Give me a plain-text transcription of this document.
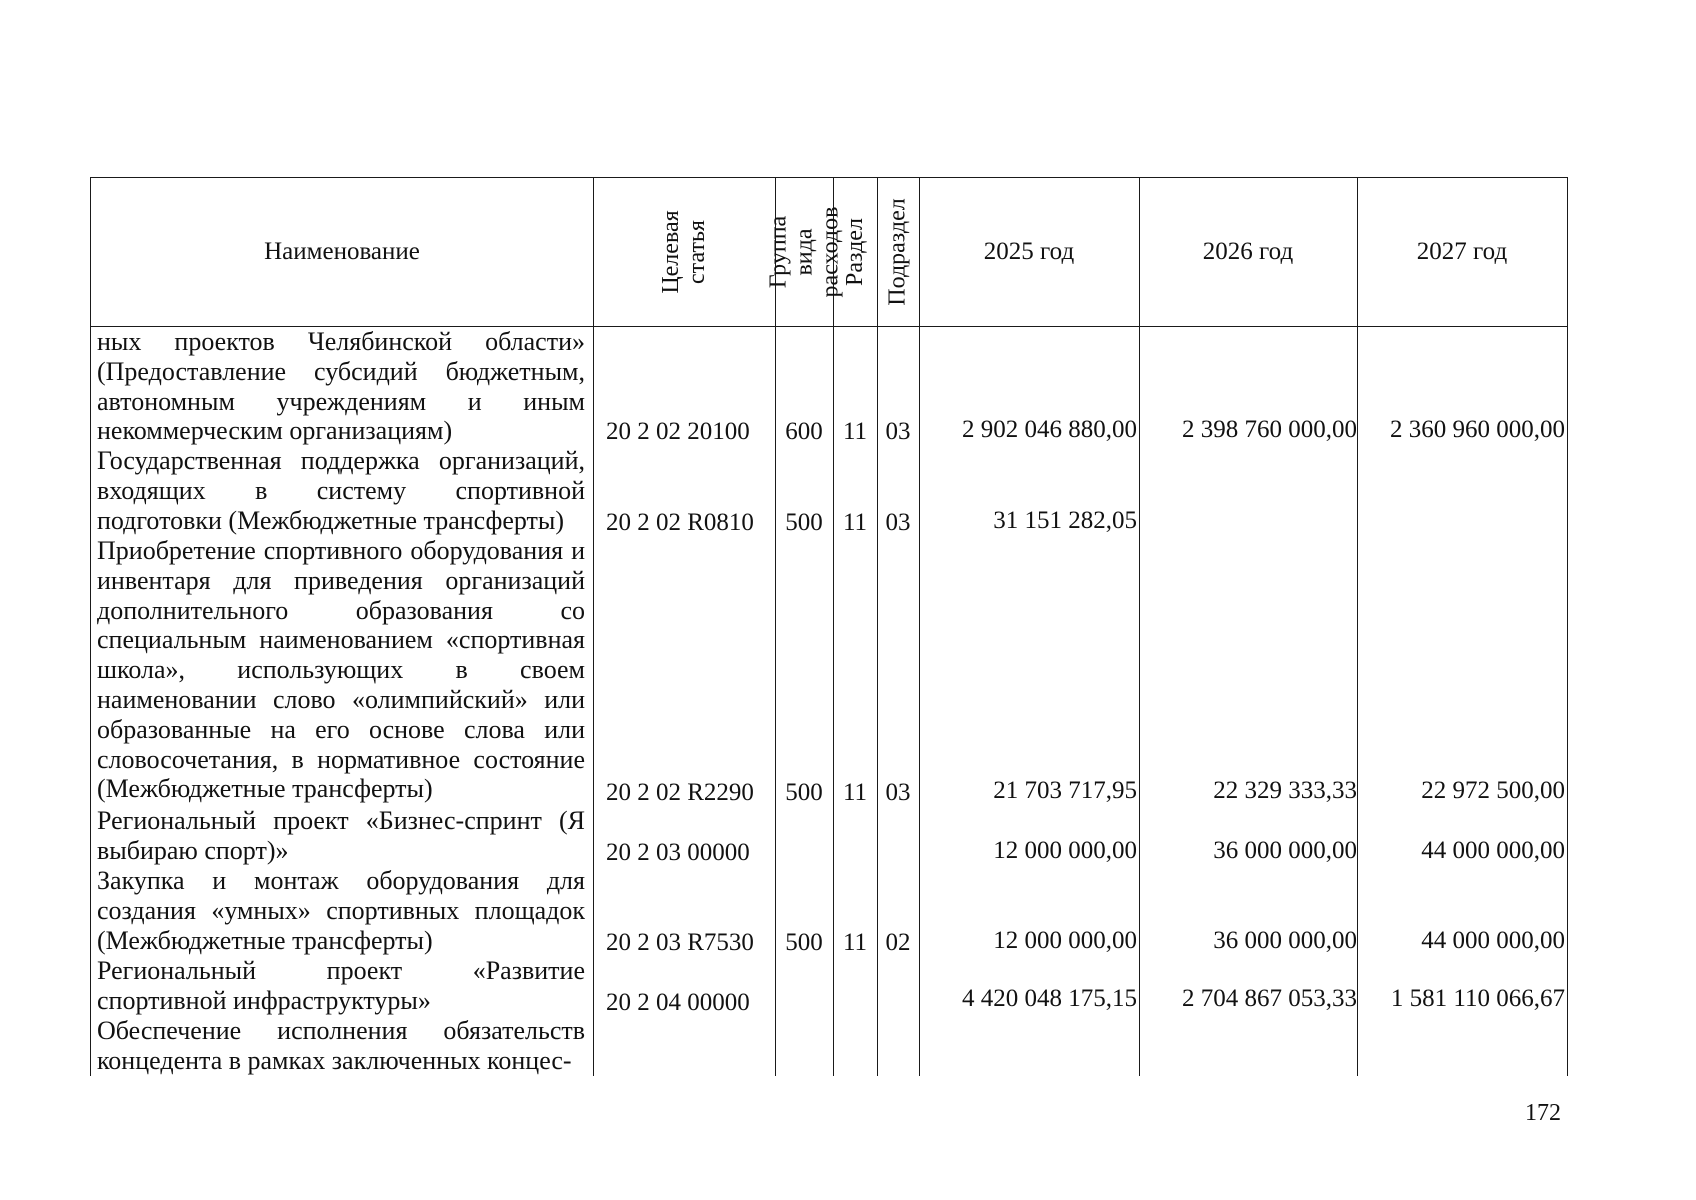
Наименование	Целевая статья Группа вида расходов Раздел Подраздел	2025 год	2026 год	2027 год
ных проектов Челябинской области» (Предоставление субсидий бюджетным, автономным учреждениям и иным некоммерческим организациям)	20 2 02 20100	600 11 03	2 902 046 880,00	2 398 760 000,00	2 360 960 000,00
Государственная поддержка организаций, входящих в систему спортивной подготовки (Межбюджетные трансферты)	20 2 02 R0810	500 11 03	31 151 282,05
Приобретение спортивного оборудования и инвентаря для приведения организаций дополнительного образования со специальным наименованием «спортивная школа», использующих в своем наименовании слово «олимпийский» или образованные на его основе слова или словосочетания, в нормативное состояние (Межбюджетные трансферты)	20 2 02 R2290	500 11 03	21 703 717,95	22 329 333,33	22 972 500,00
Региональный проект «Бизнес-спринт (Я выбираю спорт)»	20 2 03 00000	12 000 000,00	36 000 000,00	44 000 000,00
Закупка и монтаж оборудования для создания «умных» спортивных площадок (Межбюджетные трансферты)	20 2 03 R7530	500 11 02	12 000 000,00	36 000 000,00	44 000 000,00
Региональный проект «Развитие спортивной инфраструктуры»	20 2 04 00000	4 420 048 175,15	2 704 867 053,33	1 581 110 066,67
Обеспечение исполнения обязательств концедента в рамках заключенных концес-
172
